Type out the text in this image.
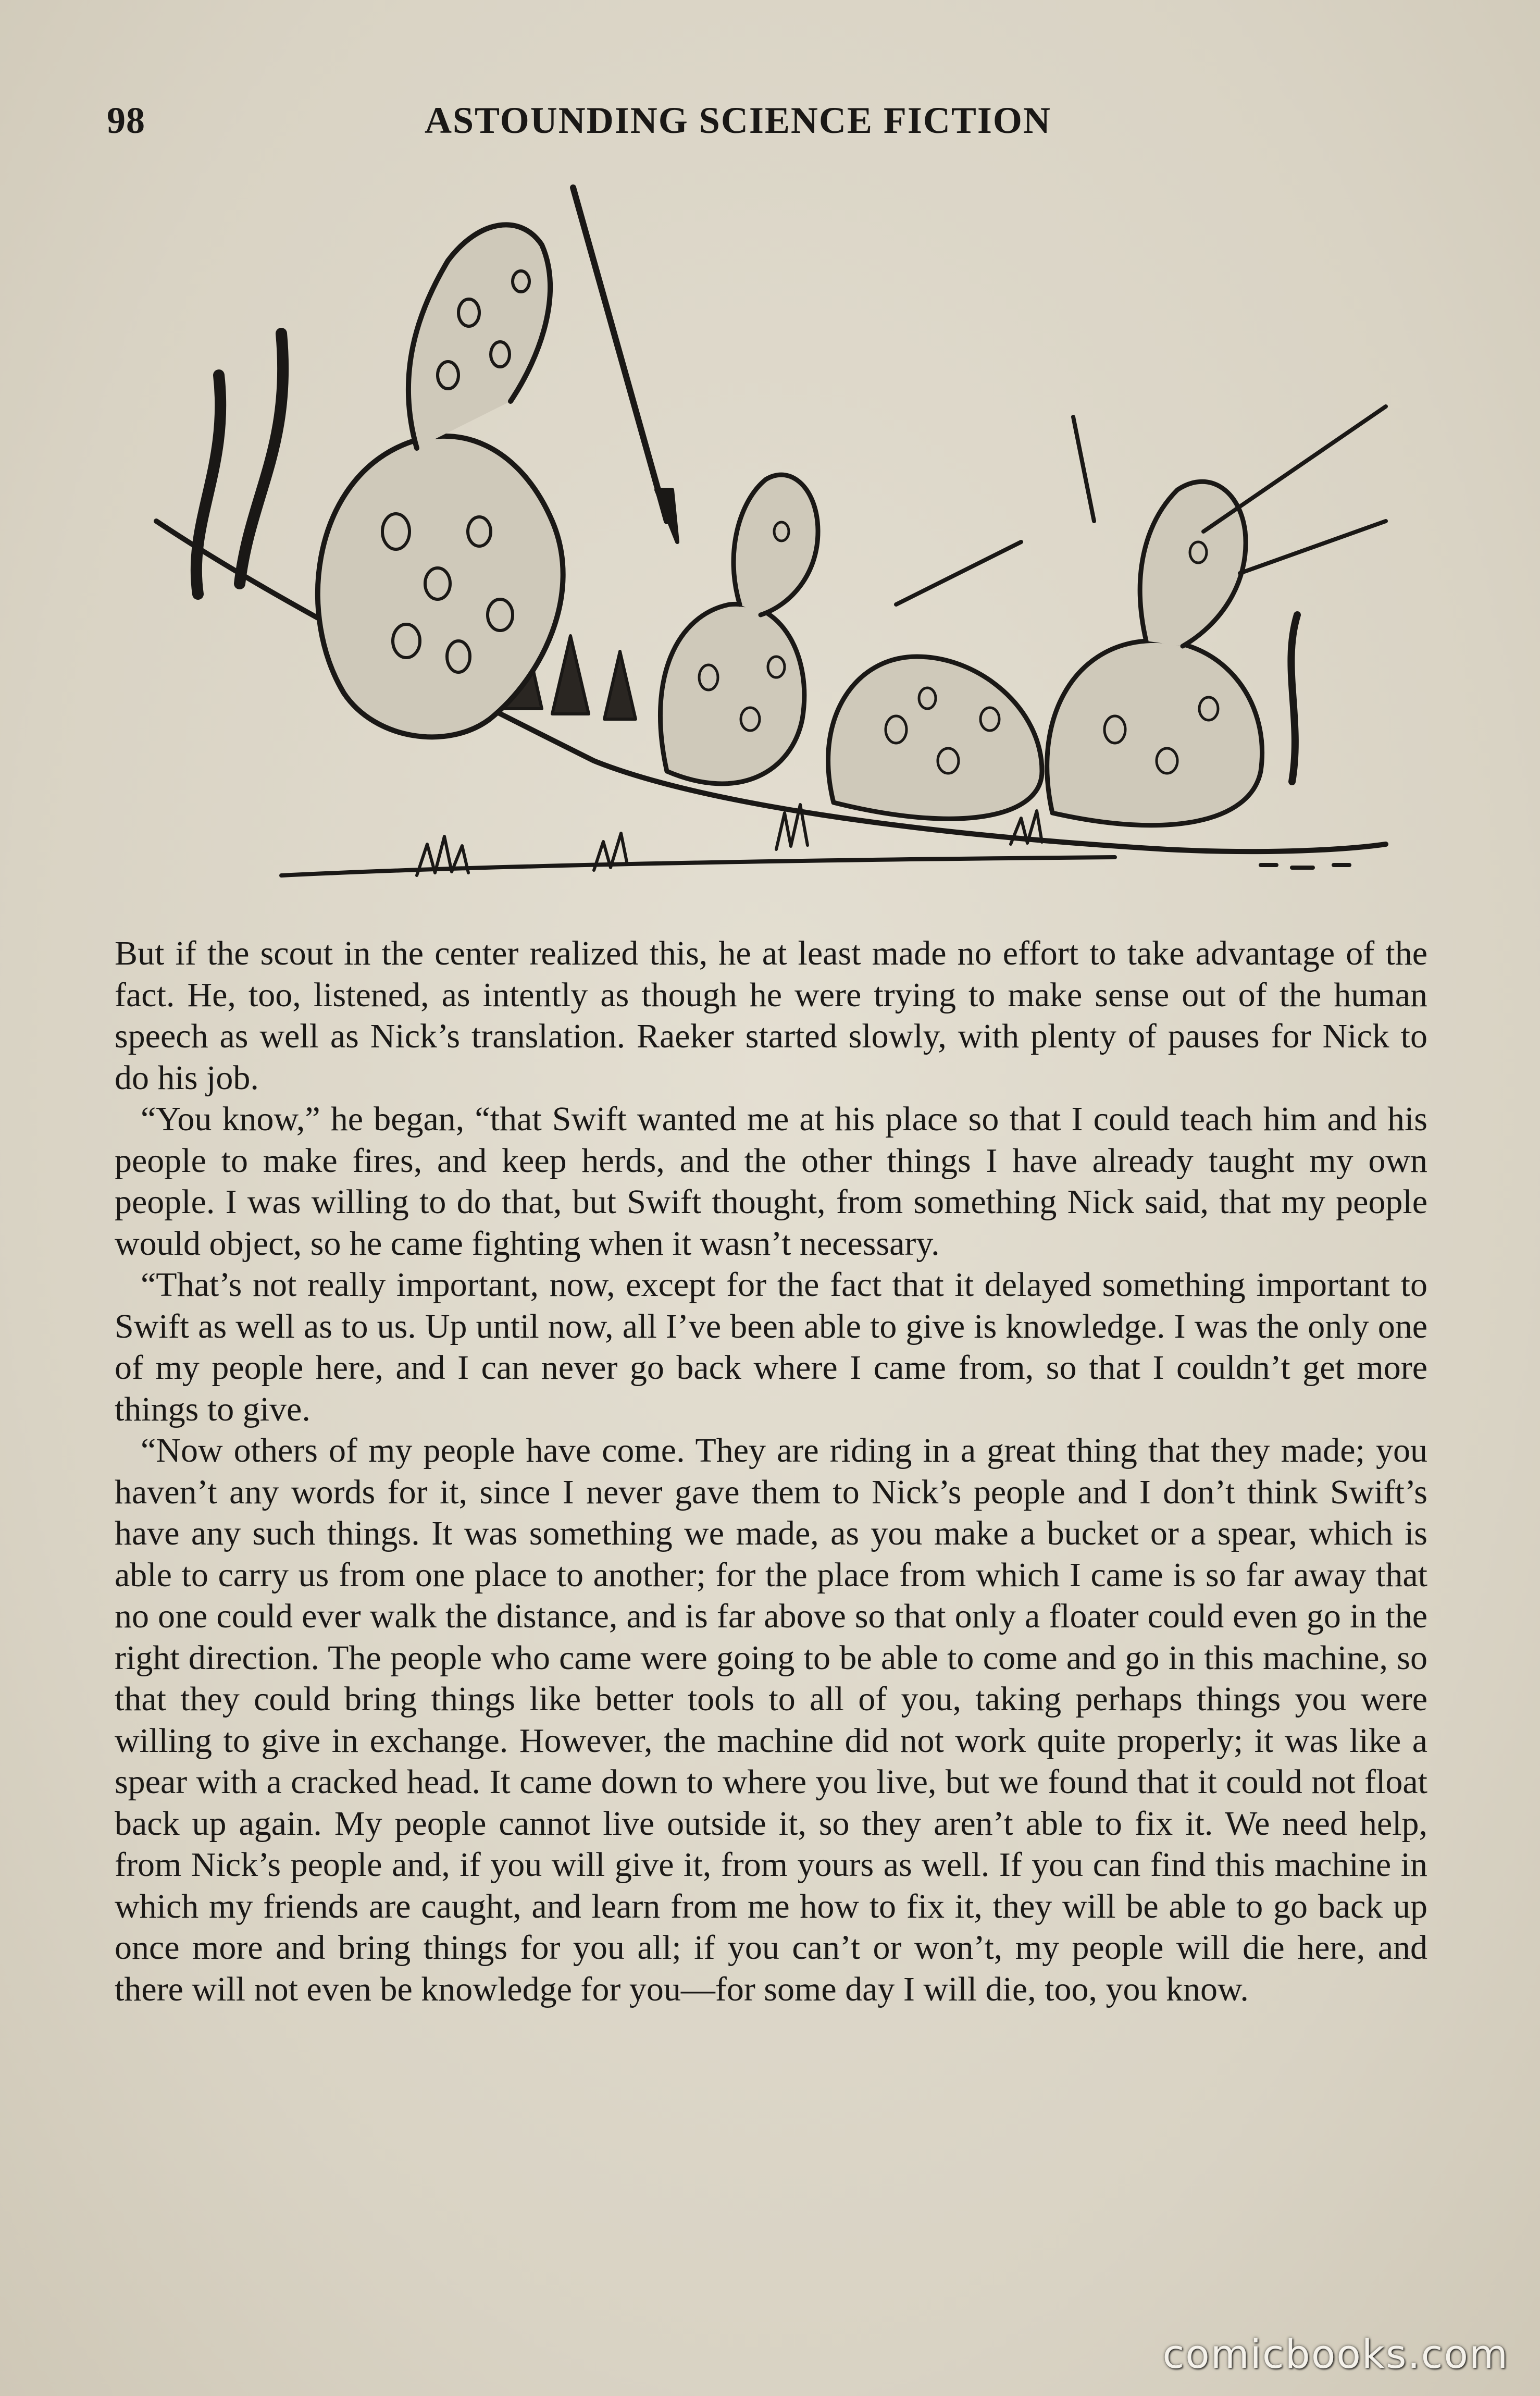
98	ASTOUNDING SCIENCE FICTION

But if the scout in the center realized this, he at least made no effort to take advantage of the fact. He, too, listened, as intently as though he were trying to make sense out of the human speech as well as Nick’s translation. Raeker started slowly, with plenty of pauses for Nick to do his job.

“You know,” he began, “that Swift wanted me at his place so that I could teach him and his people to make fires, and keep herds, and the other things I have already taught my own people. I was willing to do that, but Swift thought, from something Nick said, that my people would object, so he came fighting when it wasn’t necessary.

“That’s not really important, now, except for the fact that it delayed something important to Swift as well as to us. Up until now, all I’ve been able to give is knowledge. I was the only one of my people here, and I can never go back where I came from, so that I couldn’t get more things to give.

“Now others of my people have come. They are riding in a great thing that they made; you haven’t any words for it, since I never gave them to Nick’s people and I don’t think Swift’s have any such things. It was something we made, as you make a bucket or a spear, which is able to carry us from one place to another; for the place from which I came is so far away that no one could ever walk the distance, and is far above so that only a floater could even go in the right direction. The people who came were going to be able to come and go in this machine, so that they could bring things like better tools to all of you, taking perhaps things you were willing to give in exchange. However, the machine did not work quite properly; it was like a spear with a cracked head. It came down to where you live, but we found that it could not float back up again. My people cannot live outside it, so they aren’t able to fix it. We need help, from Nick’s people and, if you will give it, from yours as well. If you can find this machine in which my friends are caught, and learn from me how to fix it, they will be able to go back up once more and bring things for you all; if you can’t or won’t, my people will die here, and there will not even be knowledge for you—for some day I will die, too, you know.

comicbooks.com
